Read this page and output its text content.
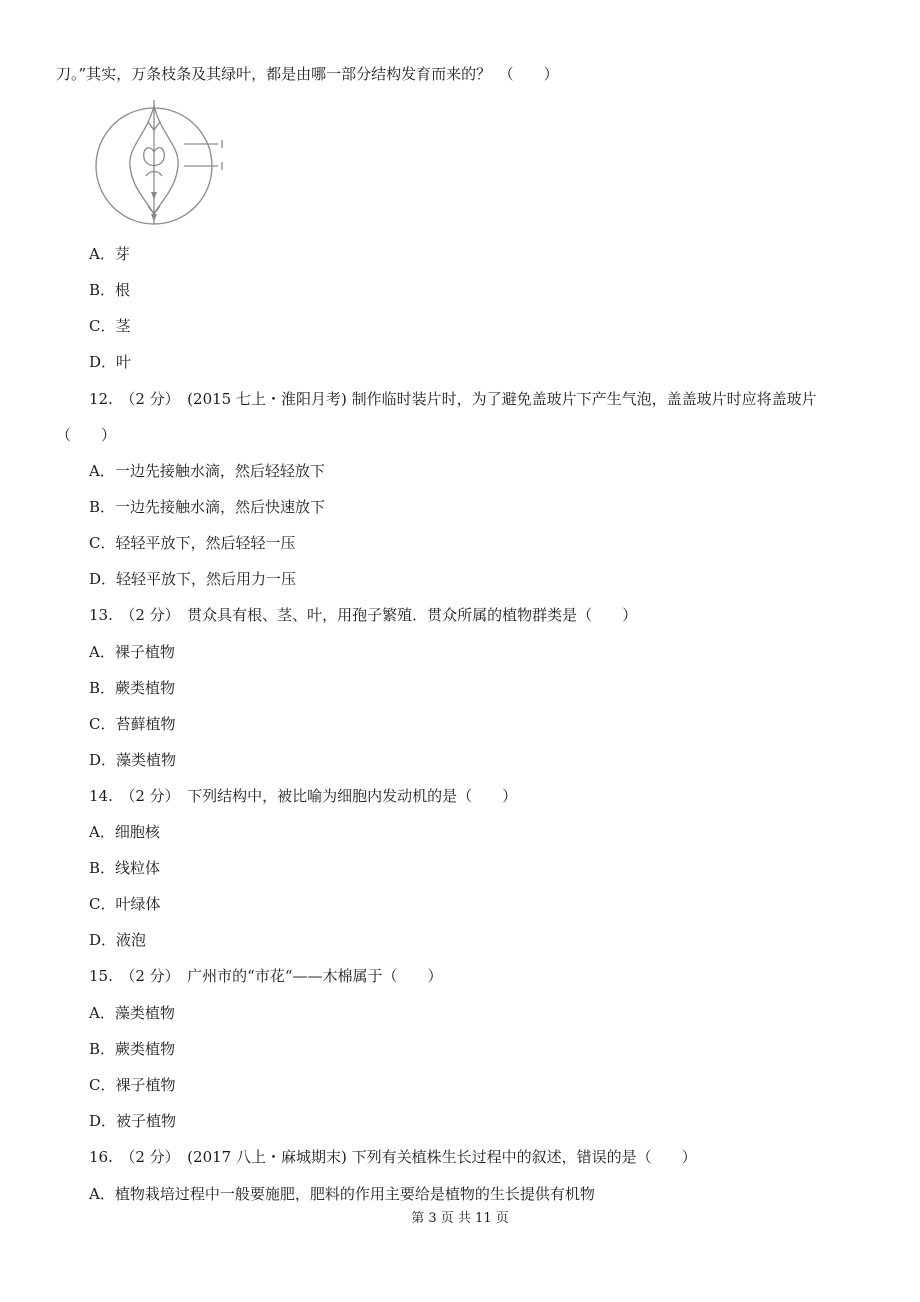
刀。”其实，万条枝条及其绿叶，都是由哪一部分结构发育而来的？　（　　）
A．芽
B．根
C．茎
D．叶
12.　（2 分）　(2015 七上・淮阳月考) 制作临时装片时，为了避免盖玻片下产生气泡，盖盖玻片时应将盖玻片
（　　）
A．一边先接触水滴，然后轻轻放下
B．一边先接触水滴，然后快速放下
C．轻轻平放下，然后轻轻一压
D．轻轻平放下，然后用力一压
13.　（2 分）　贯众具有根、茎、叶，用孢子繁殖．贯众所属的植物群类是（　　）
A．裸子植物
B．蕨类植物
C．苔藓植物
D．藻类植物
14.　（2 分）　下列结构中，被比喻为细胞内发动机的是（　　）
A．细胞核
B．线粒体
C．叶绿体
D．液泡
15.　（2 分）　广州市的“市花“——木棉属于（　　）
A．藻类植物
B．蕨类植物
C．裸子植物
D．被子植物
16.　（2 分）　(2017 八上・麻城期末) 下列有关植株生长过程中的叙述，错误的是（　　）
A．植物栽培过程中一般要施肥，肥料的作用主要给是植物的生长提供有机物
第 3 页 共 11 页
